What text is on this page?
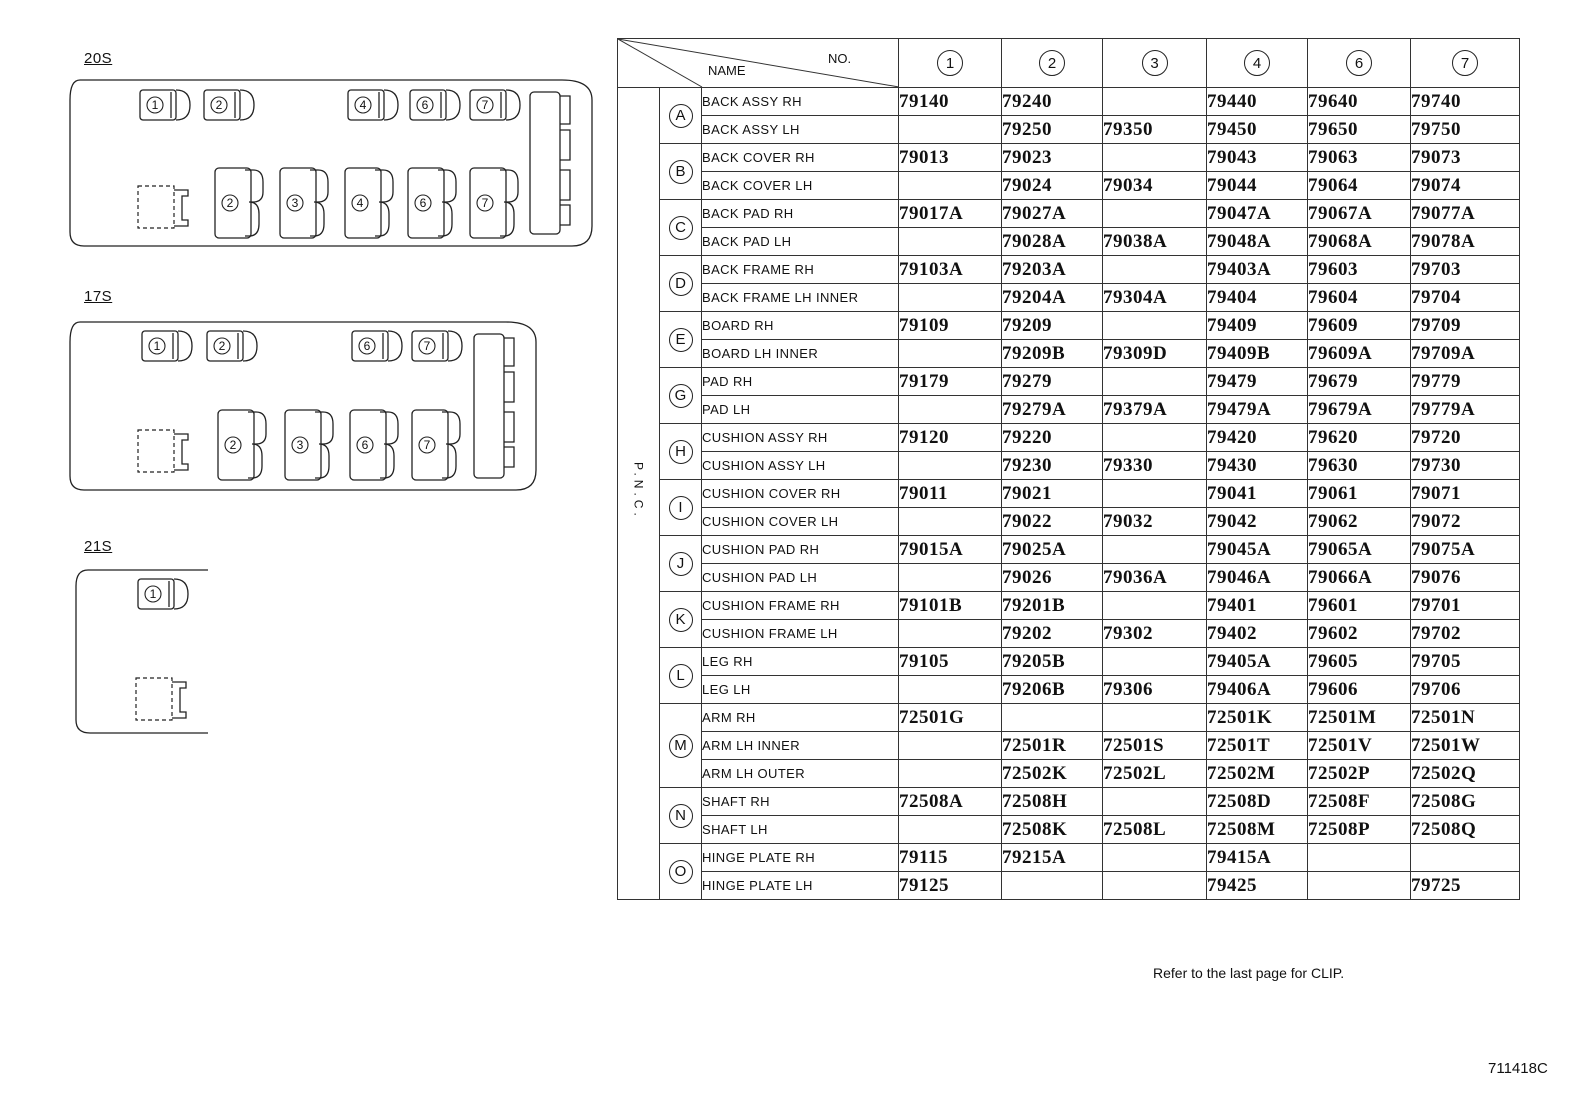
20S
17S
21S
1	2	4	6	7
2	3	4	6	7
1	2	6	7
2	3	6	7
1
NO.
NAME			1	2	3	4	6	7
P.N.C.	A	BACK ASSY RH	79140	79240		79440	79640	79740
		BACK ASSY LH		79250	79350	79450	79650	79750
	B	BACK COVER RH	79013	79023		79043	79063	79073
		BACK COVER LH		79024	79034	79044	79064	79074
	C	BACK PAD RH	79017A	79027A		79047A	79067A	79077A
		BACK PAD LH		79028A	79038A	79048A	79068A	79078A
	D	BACK FRAME RH	79103A	79203A		79403A	79603	79703
		BACK FRAME LH INNER		79204A	79304A	79404	79604	79704
	E	BOARD RH	79109	79209		79409	79609	79709
		BOARD LH INNER		79209B	79309D	79409B	79609A	79709A
	G	PAD RH	79179	79279		79479	79679	79779
		PAD LH		79279A	79379A	79479A	79679A	79779A
	H	CUSHION ASSY RH	79120	79220		79420	79620	79720
		CUSHION ASSY LH		79230	79330	79430	79630	79730
	I	CUSHION COVER RH	79011	79021		79041	79061	79071
		CUSHION COVER LH		79022	79032	79042	79062	79072
	J	CUSHION PAD RH	79015A	79025A		79045A	79065A	79075A
		CUSHION PAD LH		79026	79036A	79046A	79066A	79076
	K	CUSHION FRAME RH	79101B	79201B		79401	79601	79701
		CUSHION FRAME LH		79202	79302	79402	79602	79702
	L	LEG RH	79105	79205B		79405A	79605	79705
		LEG LH		79206B	79306	79406A	79606	79706
	M	ARM RH	72501G			72501K	72501M	72501N
		ARM LH INNER		72501R	72501S	72501T	72501V	72501W
		ARM LH OUTER		72502K	72502L	72502M	72502P	72502Q
	N	SHAFT RH	72508A	72508H		72508D	72508F	72508G
		SHAFT LH		72508K	72508L	72508M	72508P	72508Q
	O	HINGE PLATE RH	79115	79215A		79415A		
		HINGE PLATE LH	79125			79425		79725
Refer to the last page for CLIP.
711418C
